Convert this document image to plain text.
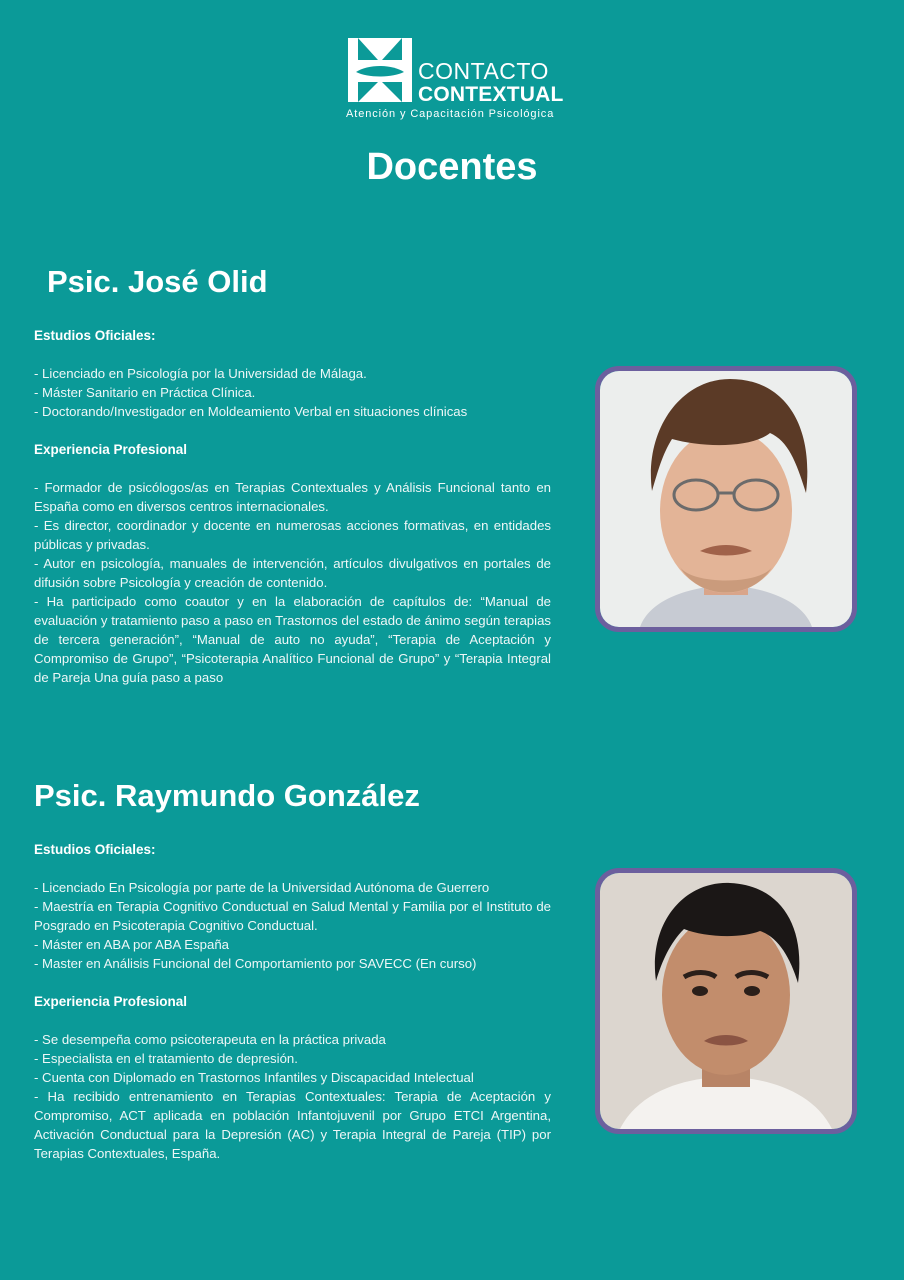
CONTACTO
CONTEXTUAL
Atención y Capacitación Psicológica
Docentes
Psic. José Olid
Estudios Oficiales:

- Licenciado en Psicología por la Universidad de Málaga.

- Máster Sanitario en Práctica Clínica.

- Doctorando/Investigador en Moldeamiento Verbal en situaciones clínicas

Experiencia Profesional

- Formador de psicólogos/as en Terapias Contextuales y Análisis Funcional tanto en España como en diversos centros internacionales.

- Es director, coordinador y docente en numerosas acciones formativas, en entidades públicas y privadas.

- Autor en psicología, manuales de intervención, artículos divulgativos en portales de difusión sobre Psicología y creación de contenido.

- Ha participado como coautor y en la elaboración de capítulos de: “Manual de evaluación y tratamiento paso a paso en Trastornos del estado de ánimo según terapias de tercera generación”, “Manual de auto no ayuda”, “Terapia de Aceptación y Compromiso de Grupo”, “Psicoterapia Analítico Funcional de Grupo” y “Terapia Integral de Pareja Una guía paso a paso

Psic. Raymundo González
Estudios Oficiales:

- Licenciado En Psicología por parte de la Universidad Autónoma de Guerrero

- Maestría en Terapia Cognitivo Conductual en Salud Mental y Familia por el Instituto de Posgrado en Psicoterapia Cognitivo Conductual.

- Máster en ABA por ABA España

- Master en Análisis Funcional del Comportamiento por SAVECC (En curso)

Experiencia Profesional

- Se desempeña como psicoterapeuta en la práctica privada

- Especialista en el tratamiento de depresión.

- Cuenta con Diplomado en Trastornos Infantiles y Discapacidad Intelectual

- Ha recibido entrenamiento en Terapias Contextuales: Terapia de Aceptación y Compromiso, ACT aplicada en población Infantojuvenil por Grupo ETCI Argentina, Activación Conductual para la Depresión (AC) y Terapia Integral de Pareja (TIP) por Terapias Contextuales, España.
